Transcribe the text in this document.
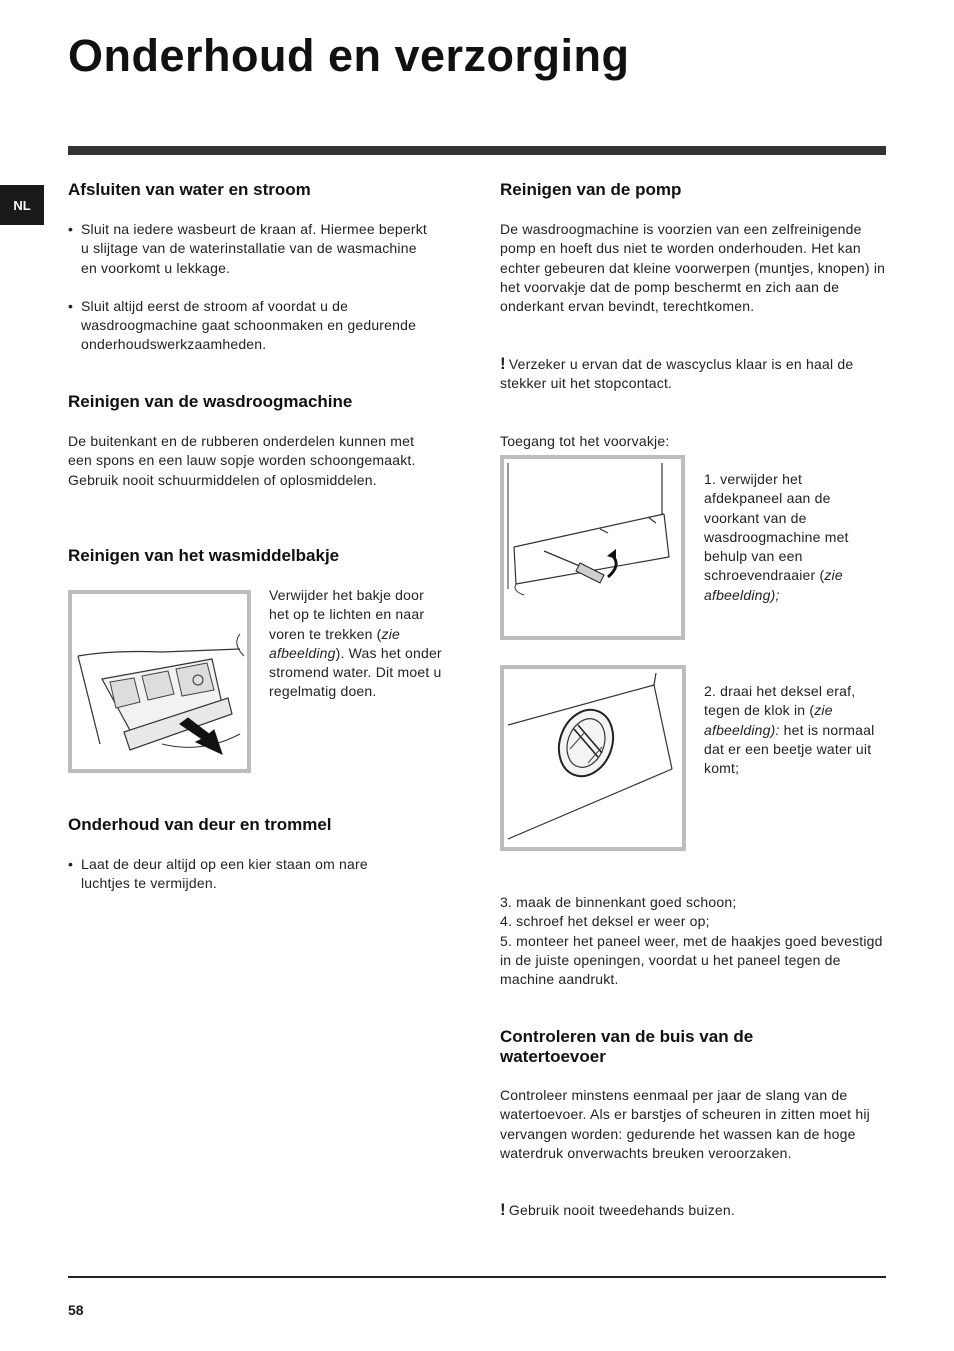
Onderhoud en verzorging
NL
Afsluiten van water en stroom
• Sluit na iedere wasbeurt de kraan af. Hiermee beperkt u slijtage van de waterinstallatie van de wasmachine en voorkomt u lekkage.
• Sluit altijd eerst de stroom af voordat u de wasdroogmachine gaat schoonmaken en gedurende onderhoudswerkzaamheden.
Reinigen van de wasdroogmachine

De buitenkant en de rubberen onderdelen kunnen met een spons en een lauw sopje worden schoongemaakt. Gebruik nooit schuurmiddelen of oplosmiddelen.

Reinigen van het wasmiddelbakje

Verwijder het bakje door het op te lichten en naar voren te trekken (zie afbeelding). Was het onder stromend water. Dit moet u regelmatig doen.

Onderhoud van deur en trommel
• Laat de deur altijd op een kier staan om nare luchtjes te vermijden.
Reinigen van de pomp

De wasdroogmachine is voorzien van een zelfreinigende pomp en hoeft dus niet te worden onderhouden. Het kan echter gebeuren dat kleine voorwerpen (muntjes, knopen) in het voorvakje dat de pomp beschermt en zich aan de onderkant ervan bevindt, terechtkomen.

! Verzeker u ervan dat de wascyclus klaar is en haal de stekker uit het stopcontact.

Toegang tot het voorvakje:

1. verwijder het afdekpaneel aan de voorkant van de wasdroogmachine met behulp van een schroevendraaier (zie afbeelding);

2. draai het deksel eraf, tegen de klok in (zie afbeelding): het is normaal dat er een beetje water uit komt;

3. maak de binnenkant goed schoon;
4. schroef het deksel er weer op;
5. monteer het paneel weer, met de haakjes goed bevestigd in de juiste openingen, voordat u het paneel tegen de machine aandrukt.
Controleren van de buis van de watertoevoer

Controleer minstens eenmaal per jaar de slang van de watertoevoer. Als er barstjes of scheuren in zitten moet hij vervangen worden: gedurende het wassen kan de hoge waterdruk onverwachts breuken veroorzaken.

! Gebruik nooit tweedehands buizen.

58
